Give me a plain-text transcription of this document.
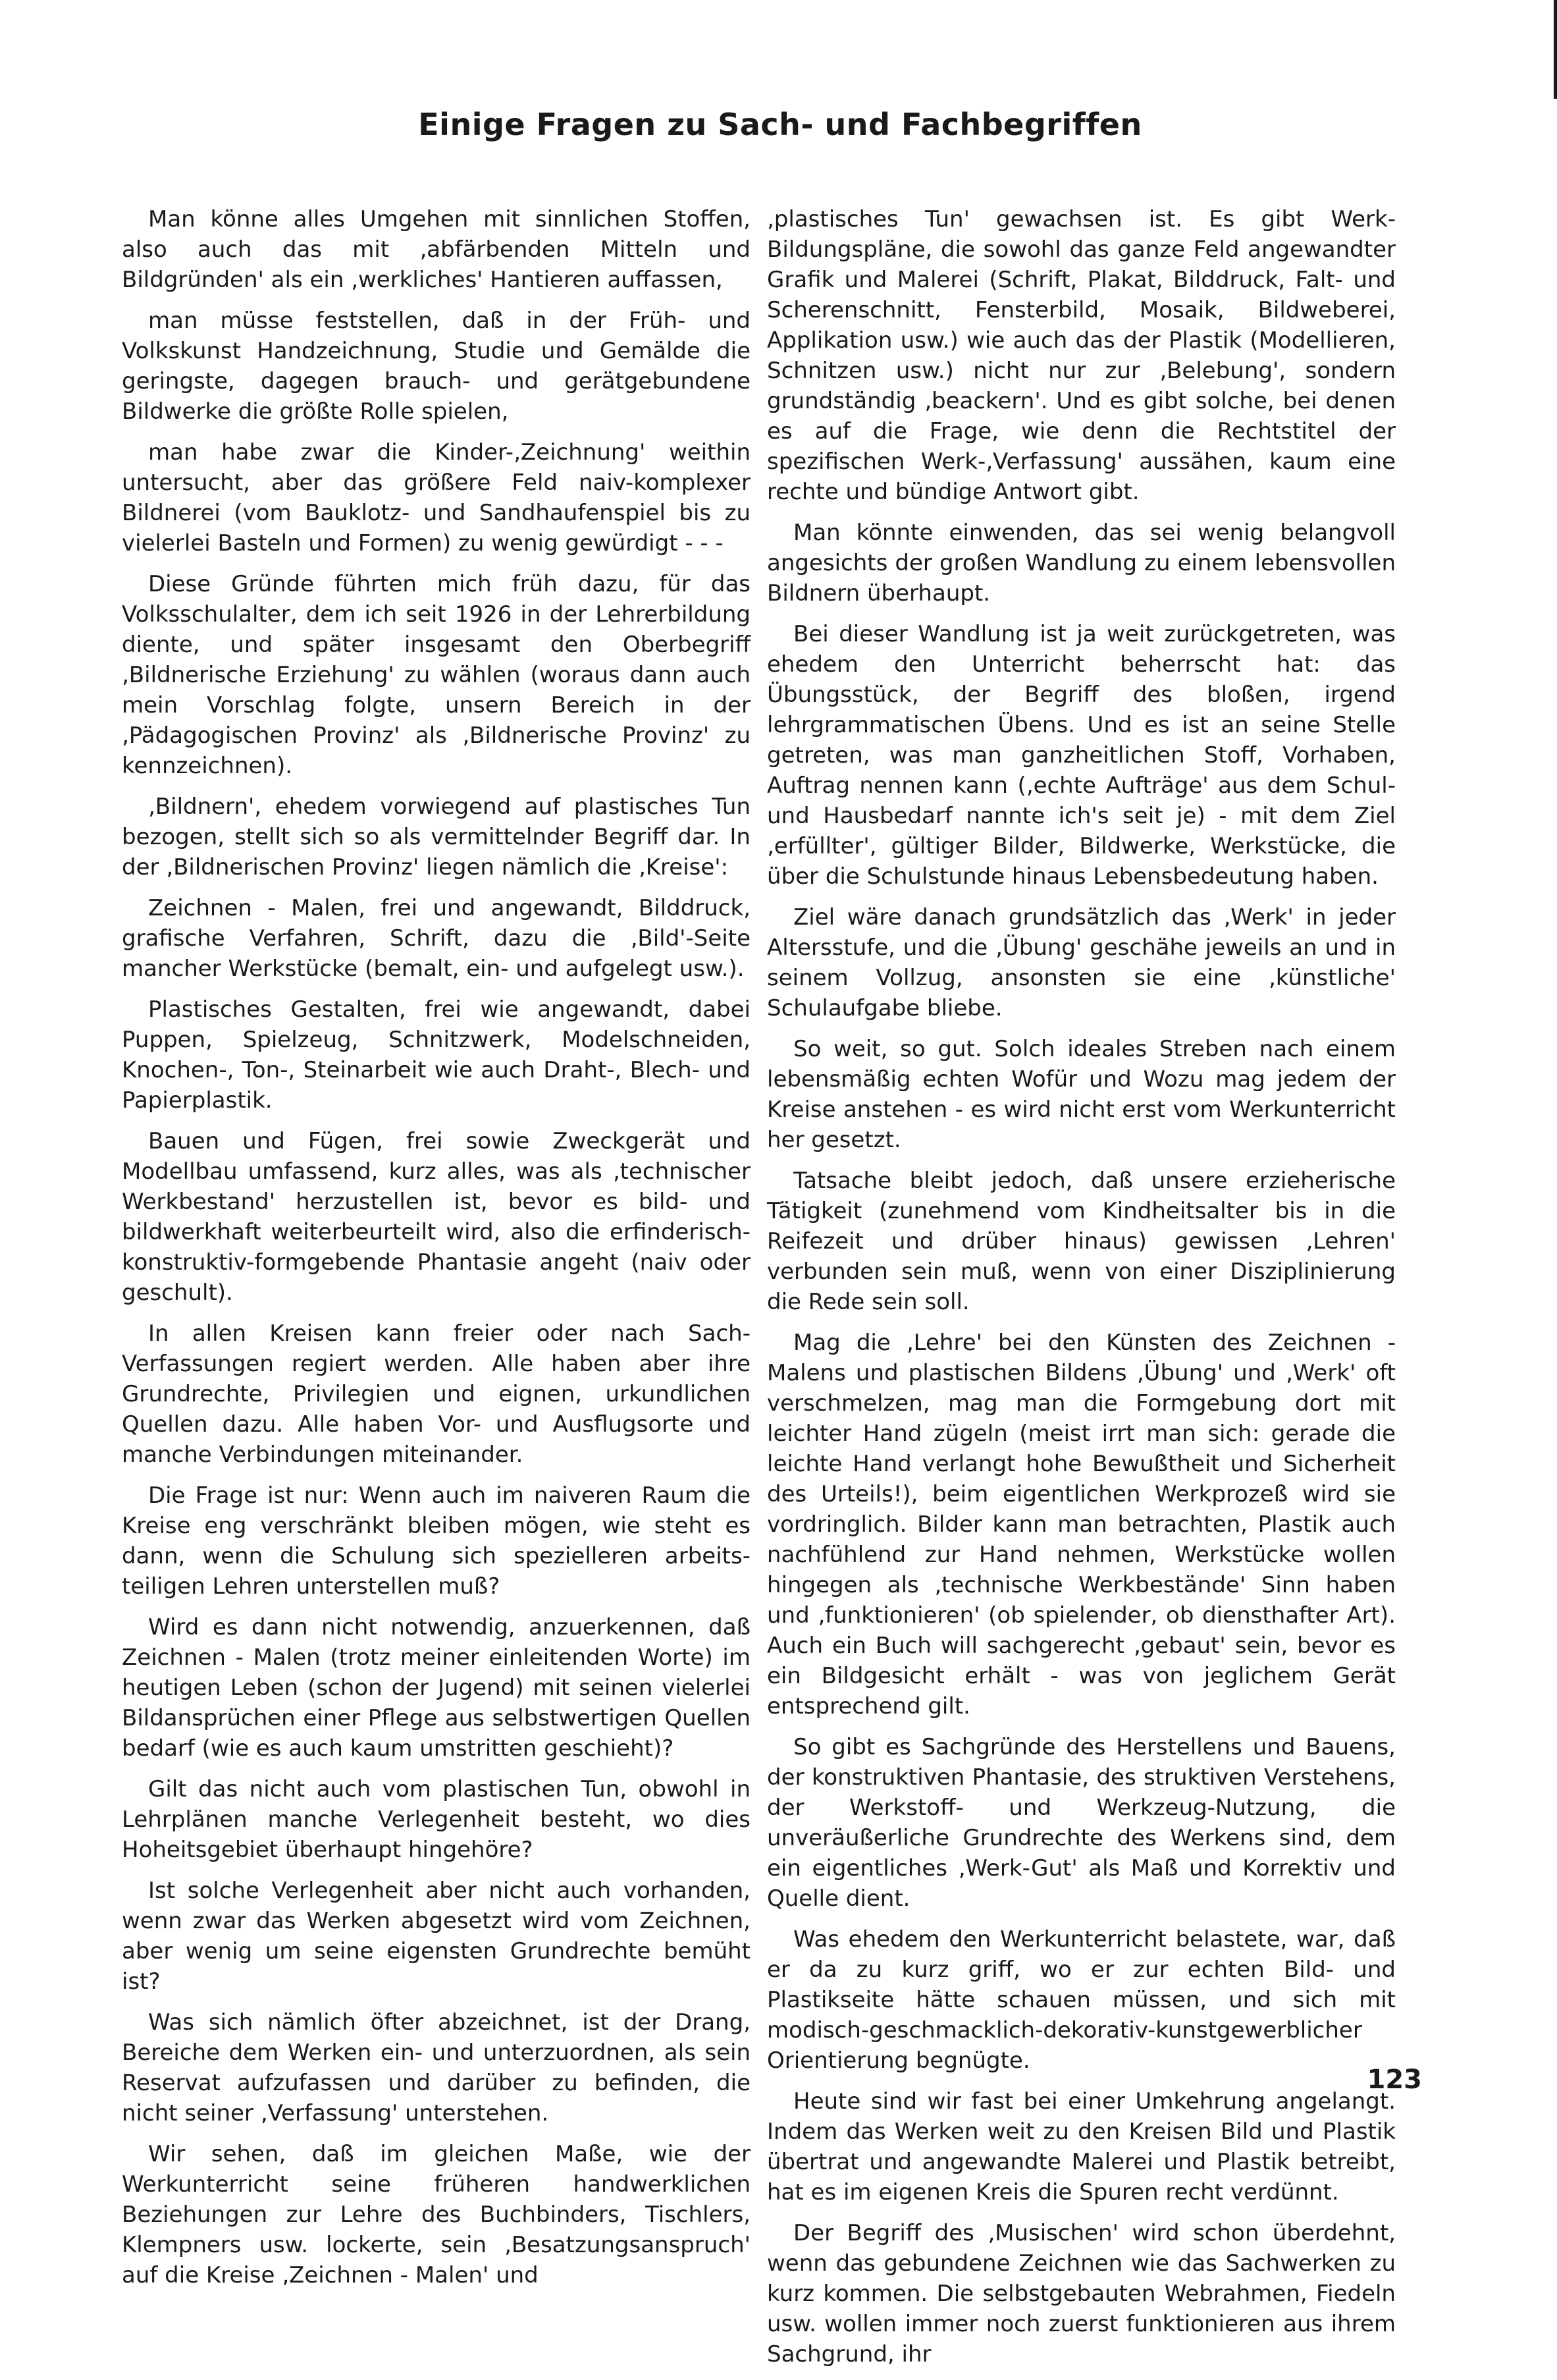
Einige Fragen zu Sach- und Fachbegriffen

Man könne alles Umgehen mit sinnlichen Stoffen, also auch das mit ‚abfärbenden Mitteln und Bildgründen' als ein ‚werkliches' Hantieren auffassen,

man müsse feststellen, daß in der Früh- und Volkskunst Handzeichnung, Studie und Gemälde die geringste, dagegen brauch- und gerätgebundene Bildwerke die größte Rolle spielen,

man habe zwar die Kinder-‚Zeichnung' weithin untersucht, aber das größere Feld naiv-komplexer Bildnerei (vom Bauklotz- und Sandhaufenspiel bis zu vielerlei Basteln und Formen) zu wenig gewürdigt - - -

Diese Gründe führten mich früh dazu, für das Volksschulalter, dem ich seit 1926 in der Lehrerbildung diente, und später insgesamt den Oberbegriff ‚Bildnerische Erziehung' zu wählen (woraus dann auch mein Vorschlag folgte, unsern Bereich in der ‚Pädagogischen Provinz' als ‚Bildnerische Provinz' zu kennzeichnen).

‚Bildnern', ehedem vorwiegend auf plastisches Tun bezogen, stellt sich so als vermittelnder Begriff dar. In der ‚Bildnerischen Provinz' liegen nämlich die ‚Kreise':

Zeichnen - Malen, frei und angewandt, Bilddruck, grafische Verfahren, Schrift, dazu die ‚Bild'-Seite mancher Werkstücke (bemalt, ein- und aufgelegt usw.).

Plastisches Gestalten, frei wie angewandt, dabei Puppen, Spielzeug, Schnitzwerk, Modelschneiden, Knochen-, Ton-, Steinarbeit wie auch Draht-, Blech- und Papierplastik.

Bauen und Fügen, frei sowie Zweckgerät und Modellbau umfassend, kurz alles, was als ‚technischer Werkbestand' herzustellen ist, bevor es bild- und bildwerkhaft weiterbeurteilt wird, also die erfinderisch-konstruktiv-formgebende Phantasie angeht (naiv oder geschult).

In allen Kreisen kann freier oder nach Sach-Verfassungen regiert werden. Alle haben aber ihre Grundrechte, Privilegien und eignen, urkundlichen Quellen dazu. Alle haben Vor- und Ausflugsorte und manche Verbindungen miteinander.

Die Frage ist nur: Wenn auch im naiveren Raum die Kreise eng verschränkt bleiben mögen, wie steht es dann, wenn die Schulung sich spezielleren arbeits-teiligen Lehren unterstellen muß?

Wird es dann nicht notwendig, anzuerkennen, daß Zeichnen - Malen (trotz meiner einleitenden Worte) im heutigen Leben (schon der Jugend) mit seinen vielerlei Bildansprüchen einer Pflege aus selbstwertigen Quellen bedarf (wie es auch kaum umstritten geschieht)?

Gilt das nicht auch vom plastischen Tun, obwohl in Lehrplänen manche Verlegenheit besteht, wo dies Hoheitsgebiet überhaupt hingehöre?

Ist solche Verlegenheit aber nicht auch vorhanden, wenn zwar das Werken abgesetzt wird vom Zeichnen, aber wenig um seine eigensten Grundrechte bemüht ist?

Was sich nämlich öfter abzeichnet, ist der Drang, Bereiche dem Werken ein- und unterzuordnen, als sein Reservat aufzufassen und darüber zu befinden, die nicht seiner ‚Verfassung' unterstehen.

Wir sehen, daß im gleichen Maße, wie der Werkunterricht seine früheren handwerklichen Beziehungen zur Lehre des Buchbinders, Tischlers, Klempners usw. lockerte, sein ‚Besatzungsanspruch' auf die Kreise ‚Zeichnen - Malen' und

‚plastisches Tun' gewachsen ist. Es gibt Werk-Bildungspläne, die sowohl das ganze Feld angewandter Grafik und Malerei (Schrift, Plakat, Bilddruck, Falt- und Scherenschnitt, Fensterbild, Mosaik, Bildweberei, Applikation usw.) wie auch das der Plastik (Modellieren, Schnitzen usw.) nicht nur zur ‚Belebung', sondern grundständig ‚beackern'. Und es gibt solche, bei denen es auf die Frage, wie denn die Rechtstitel der spezifischen Werk-‚Verfassung' aussähen, kaum eine rechte und bündige Antwort gibt.

Man könnte einwenden, das sei wenig belangvoll angesichts der großen Wandlung zu einem lebensvollen Bildnern überhaupt.

Bei dieser Wandlung ist ja weit zurückgetreten, was ehedem den Unterricht beherrscht hat: das Übungsstück, der Begriff des bloßen, irgend lehrgrammatischen Übens. Und es ist an seine Stelle getreten, was man ganzheitlichen Stoff, Vorhaben, Auftrag nennen kann (‚echte Aufträge' aus dem Schul- und Hausbedarf nannte ich's seit je) - mit dem Ziel ‚erfüllter', gültiger Bilder, Bildwerke, Werkstücke, die über die Schulstunde hinaus Lebensbedeutung haben.

Ziel wäre danach grundsätzlich das ‚Werk' in jeder Altersstufe, und die ‚Übung' geschähe jeweils an und in seinem Vollzug, ansonsten sie eine ‚künstliche' Schulaufgabe bliebe.

So weit, so gut. Solch ideales Streben nach einem lebensmäßig echten Wofür und Wozu mag jedem der Kreise anstehen - es wird nicht erst vom Werkunterricht her gesetzt.

Tatsache bleibt jedoch, daß unsere erzieherische Tätigkeit (zunehmend vom Kindheitsalter bis in die Reifezeit und drüber hinaus) gewissen ‚Lehren' verbunden sein muß, wenn von einer Disziplinierung die Rede sein soll.

Mag die ‚Lehre' bei den Künsten des Zeichnen - Malens und plastischen Bildens ‚Übung' und ‚Werk' oft verschmelzen, mag man die Formgebung dort mit leichter Hand zügeln (meist irrt man sich: gerade die leichte Hand verlangt hohe Bewußtheit und Sicherheit des Urteils!), beim eigentlichen Werkprozeß wird sie vordringlich. Bilder kann man betrachten, Plastik auch nachfühlend zur Hand nehmen, Werkstücke wollen hingegen als ‚technische Werkbestände' Sinn haben und ‚funktionieren' (ob spielender, ob diensthafter Art). Auch ein Buch will sachgerecht ‚gebaut' sein, bevor es ein Bildgesicht erhält - was von jeglichem Gerät entsprechend gilt.

So gibt es Sachgründe des Herstellens und Bauens, der konstruktiven Phantasie, des struktiven Verstehens, der Werkstoff- und Werkzeug-Nutzung, die unveräußerliche Grundrechte des Werkens sind, dem ein eigentliches ‚Werk-Gut' als Maß und Korrektiv und Quelle dient.

Was ehedem den Werkunterricht belastete, war, daß er da zu kurz griff, wo er zur echten Bild- und Plastikseite hätte schauen müssen, und sich mit modisch-geschmacklich-dekorativ-kunstgewerblicher Orientierung begnügte.

Heute sind wir fast bei einer Umkehrung angelangt. Indem das Werken weit zu den Kreisen Bild und Plastik übertrat und angewandte Malerei und Plastik betreibt, hat es im eigenen Kreis die Spuren recht verdünnt.

Der Begriff des ‚Musischen' wird schon überdehnt, wenn das gebundene Zeichnen wie das Sachwerken zu kurz kommen. Die selbstgebauten Webrahmen, Fiedeln usw. wollen immer noch zuerst funktionieren aus ihrem Sachgrund, ihr

123
